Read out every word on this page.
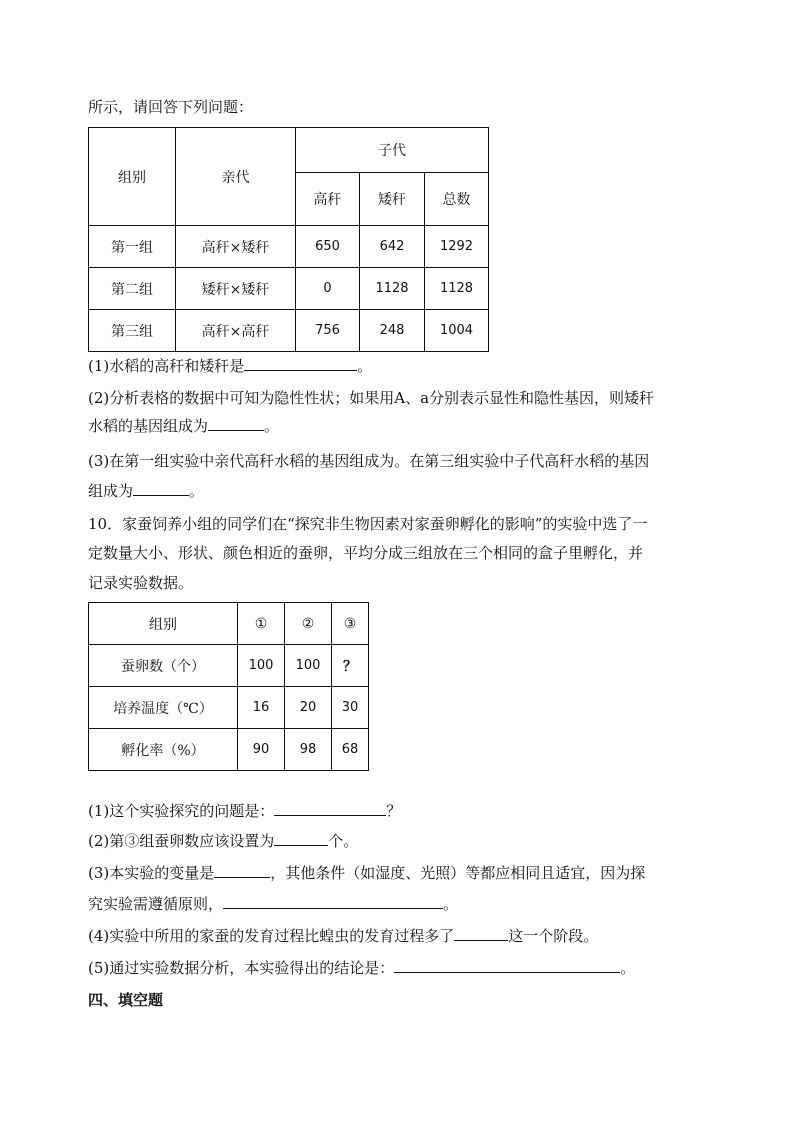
所示，请回答下列问题：
组别	亲代	子代		
		高秆	矮秆	总数
第一组	高秆×矮秆	650	642	1292
第二组	矮秆×矮秆	0	1128	1128
第三组	高秆×高秆	756	248	1004
(1)水稻的高秆和矮秆是	。
(2)分析表格的数据中可知为隐性性状；如果用A、a分别表示显性和隐性基因，则矮秆
水稻的基因组成为	。
(3)在第一组实验中亲代高秆水稻的基因组成为。在第三组实验中子代高秆水稻的基因
组成为	。
10．家蚕饲养小组的同学们在“探究非生物因素对家蚕卵孵化的影响”的实验中选了一
定数量大小、形状、颜色相近的蚕卵，平均分成三组放在三个相同的盒子里孵化，并
记录实验数据。
组别	①	②	③
蚕卵数（个）	100	100	？
培养温度（℃）	16	20	30
孵化率（%）	90	98	68
(1)这个实验探究的问题是：	？
(2)第③组蚕卵数应该设置为	个。
(3)本实验的变量是	，其他条件（如湿度、光照）等都应相同且适宜，因为探
究实验需遵循原则，	。
(4)实验中所用的家蚕的发育过程比蝗虫的发育过程多了	这一个阶段。
(5)通过实验数据分析，本实验得出的结论是：	。
四、填空题
